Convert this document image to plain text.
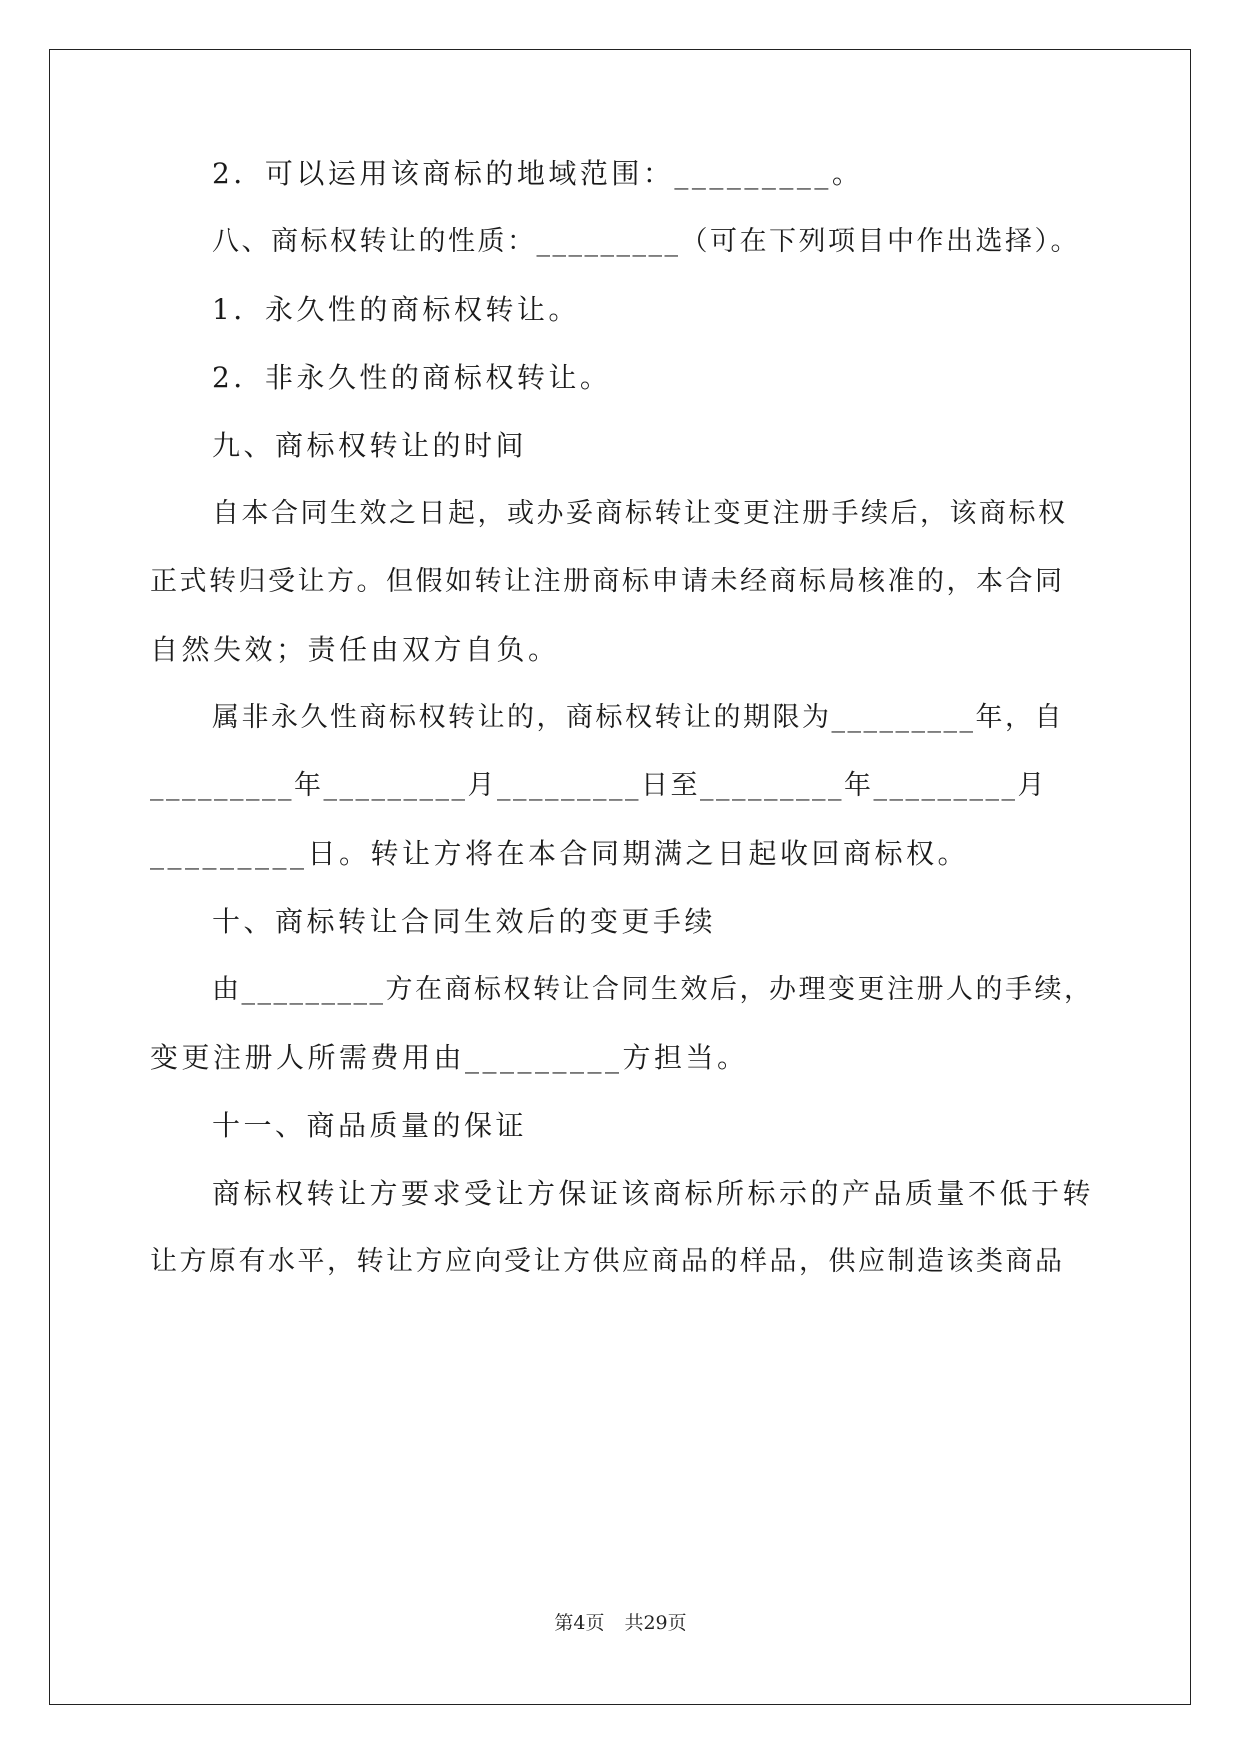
2．可以运用该商标的地域范围：_________。
八、商标权转让的性质：_________（可在下列项目中作出选择）。
1．永久性的商标权转让。
2．非永久性的商标权转让。
九、商标权转让的时间
自本合同生效之日起，或办妥商标转让变更注册手续后，该商标权
正式转归受让方。但假如转让注册商标申请未经商标局核准的，本合同
自然失效；责任由双方自负。
属非永久性商标权转让的，商标权转让的期限为_________年，自
_________年_________月_________日至_________年_________月
_________日。转让方将在本合同期满之日起收回商标权。
十、商标转让合同生效后的变更手续
由_________方在商标权转让合同生效后，办理变更注册人的手续，
变更注册人所需费用由_________方担当。
十一、商品质量的保证
商标权转让方要求受让方保证该商标所标示的产品质量不低于转
让方原有水平，转让方应向受让方供应商品的样品，供应制造该类商品
第4页 共29页
